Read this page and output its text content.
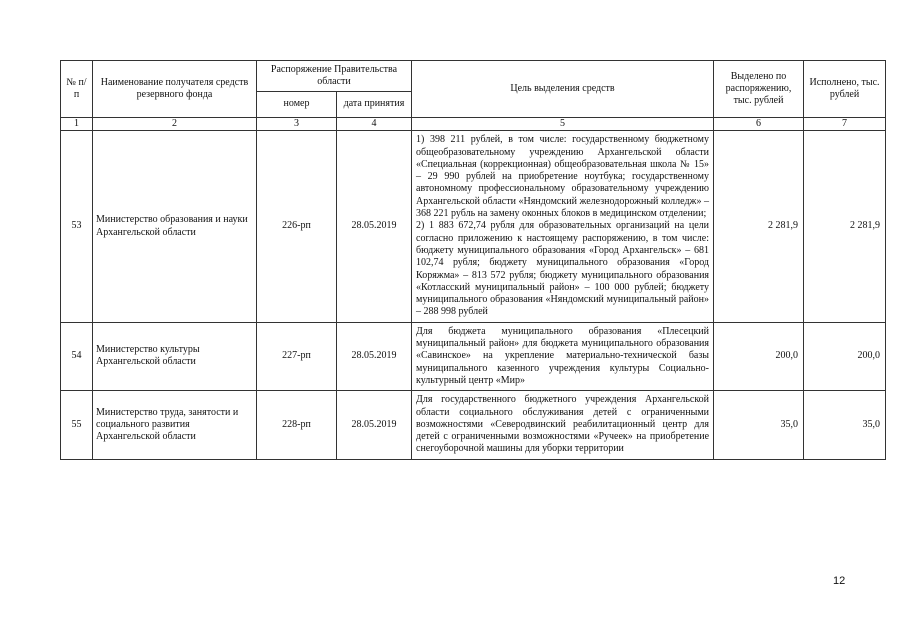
№ п/п	Наименование получателя средств резервного фонда	Распоряжение Правительства области		Цель выделения средств	Выделено по распоряжению, тыс. рублей	Исполнено, тыс. рублей
		номер	дата принятия			
1	2	3	4	5	6	7
53	Министерство образования и науки Архангельской области	226-рп	28.05.2019	1) 398 211 рублей, в том числе: государственному бюджетному общеобразовательному учреждению Архангельской области «Специальная (коррекционная) общеобразовательная школа № 15» – 29 990 рублей на приобретение ноутбука; государственному автономному профессиональному образовательному учреждению Архангельской области «Няндомский железнодорожный колледж» – 368 221 рубль на замену оконных блоков в медицинском отделении;

2) 1 883 672,74 рубля для образовательных организаций на цели согласно приложению к настоящему распоряжению, в том числе: бюджету муниципального образования «Город Архангельск» – 681 102,74 рубля; бюджету муниципального образования «Город Коряжма» – 813 572 рубля; бюджету муниципального образования «Котласский муниципальный район» – 100 000 рублей; бюджету муниципального образования «Няндомский муниципальный район» – 288 998 рублей	2 281,9	2 281,9
54	Министерство культуры Архангельской области	227-рп	28.05.2019	Для бюджета муниципального образования «Плесецкий муниципальный район» для бюджета муниципального образования «Савинское» на укрепление материально-технической базы муниципального казенного учреждения культуры Социально-культурный центр «Мир»	200,0	200,0
55	Министерство труда, занятости и социального развития Архангельской области	228-рп	28.05.2019	Для государственного бюджетного учреждения Архангельской области социального обслуживания детей с ограниченными возможностями «Северодвинский реабилитационный центр для детей с ограниченными возможностями «Ручеек» на приобретение снегоуборочной машины для уборки территории	35,0	35,0
12
